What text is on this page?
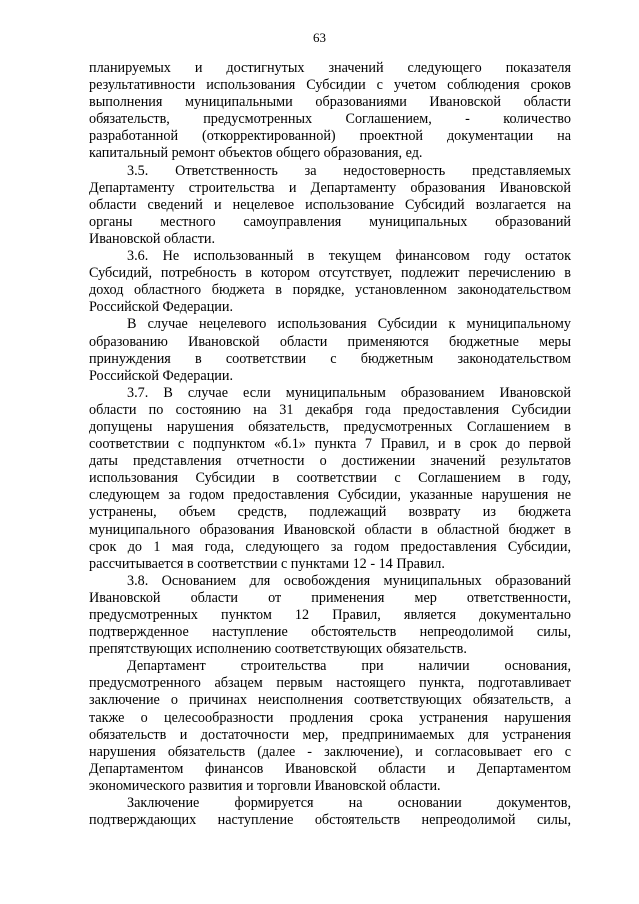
63

планируемых и достигнутых значений следующего показателя

результативности использования Субсидии с учетом соблюдения сроков

выполнения муниципальными образованиями Ивановской области

обязательств, предусмотренных Соглашением, - количество

разработанной (откорректированной) проектной документации на

капитальный ремонт объектов общего образования, ед.

3.5. Ответственность за недостоверность представляемых

Департаменту строительства и Департаменту образования Ивановской

области сведений и нецелевое использование Субсидий возлагается на

органы местного самоуправления муниципальных образований

Ивановской области.

3.6. Не использованный в текущем финансовом году остаток

Субсидий, потребность в котором отсутствует, подлежит перечислению в

доход областного бюджета в порядке, установленном законодательством

Российской Федерации.

В случае нецелевого использования Субсидии к муниципальному

образованию Ивановской области применяются бюджетные меры

принуждения в соответствии с бюджетным законодательством

Российской Федерации.

3.7. В случае если муниципальным образованием Ивановской

области по состоянию на 31 декабря года предоставления Субсидии

допущены нарушения обязательств, предусмотренных Соглашением в

соответствии с подпунктом «б.1» пункта 7 Правил, и в срок до первой

даты представления отчетности о достижении значений результатов

использования Субсидии в соответствии с Соглашением в году,

следующем за годом предоставления Субсидии, указанные нарушения не

устранены, объем средств, подлежащий возврату из бюджета

муниципального образования Ивановской области в областной бюджет в

срок до 1 мая года, следующего за годом предоставления Субсидии,

рассчитывается в соответствии с пунктами 12 - 14 Правил.

3.8. Основанием для освобождения муниципальных образований

Ивановской области от применения мер ответственности,

предусмотренных пунктом 12 Правил, является документально

подтвержденное наступление обстоятельств непреодолимой силы,

препятствующих исполнению соответствующих обязательств.

Департамент строительства при наличии основания,

предусмотренного абзацем первым настоящего пункта, подготавливает

заключение о причинах неисполнения соответствующих обязательств, а

также о целесообразности продления срока устранения нарушения

обязательств и достаточности мер, предпринимаемых для устранения

нарушения обязательств (далее - заключение), и согласовывает его с

Департаментом финансов Ивановской области и Департаментом

экономического развития и торговли Ивановской области.

Заключение формируется на основании документов,

подтверждающих наступление обстоятельств непреодолимой силы,
